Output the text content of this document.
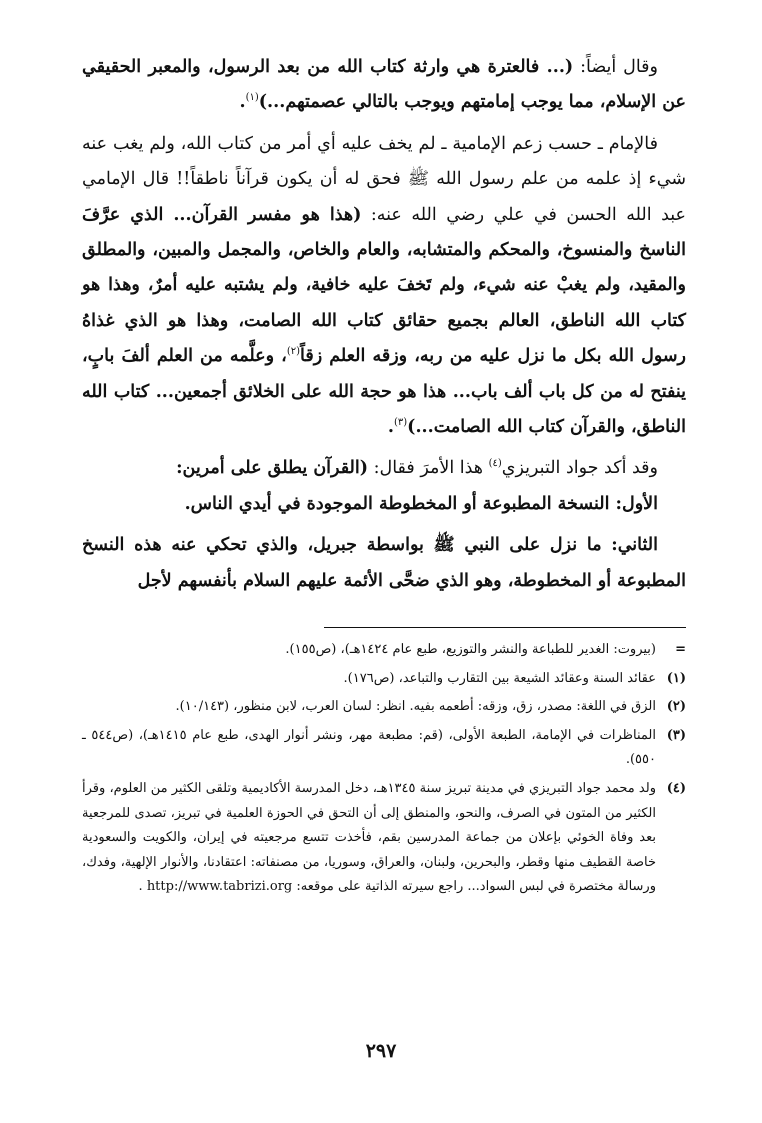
وقال أيضاً: (... فالعترة هي وارثة كتاب الله من بعد الرسول، والمعبر الحقيقي عن الإسلام، مما يوجب إمامتهم ويوجب بالتالي عصمتهم...)$^{(١)}$.

فالإمام ـ حسب زعم الإمامية ـ لم يخف عليه أي أمر من كتاب الله، ولم يغب عنه شيء إذ علمه من علم رسول الله ﷺ فحق له أن يكون قرآناً ناطقاً!! قال الإمامي عبد الله الحسن في علي رضي الله عنه: (هذا هو مفسر القرآن... الذي عرَّفَ الناسخ والمنسوخ، والمحكم والمتشابه، والعام والخاص، والمجمل والمبين، والمطلق والمقيد، ولم يغبْ عنه شيء، ولم تَخفَ عليه خافية، ولم يشتبه عليه أمرٌ، وهذا هو كتاب الله الناطق، العالم بجميع حقائق كتاب الله الصامت، وهذا هو الذي غذاهُ رسول الله بكل ما نزل عليه من ربه، وزقه العلم زقاً$^{(٢)}$، وعلَّمه من العلم ألفَ بابٍ، ينفتح له من كل باب ألف باب... هذا هو حجة الله على الخلائق أجمعين... كتاب الله الناطق، والقرآن كتاب الله الصامت...)$^{(٣)}$.

وقد أكد جواد التبريزي$^{(٤)}$ هذا الأمرَ فقال: (القرآن يطلق على أمرين:

الأول: النسخة المطبوعة أو المخطوطة الموجودة في أيدي الناس.

الثاني: ما نزل على النبي ﷺ بواسطة جبريل، والذي تحكي عنه هذه النسخ المطبوعة أو المخطوطة، وهو الذي ضحَّى الأئمة عليهم السلام بأنفسهم لأجل

=
(بيروت: الغدير للطباعة والنشر والتوزيع، طبع عام ١٤٢٤هـ)، (ص١٥٥).
(١)
عقائد السنة وعقائد الشيعة بين التقارب والتباعد، (ص١٧٦).
(٢)
الزق في اللغة: مصدر، زق، وزقه: أطعمه بفيه. انظر: لسان العرب، لابن منظور، (١٠/١٤٣).
(٣)
المناظرات في الإمامة، الطبعة الأولى، (قم: مطبعة مهر، ونشر أنوار الهدى، طبع عام ١٤١٥هـ)، (ص٥٤٤ ـ ٥٥٠).
(٤)
ولد محمد جواد التبريزي في مدينة تبريز سنة ١٣٤٥هـ، دخل المدرسة الأكاديمية وتلقى الكثير من العلوم، وقرأ الكثير من المتون في الصرف، والنحو، والمنطق إلى أن التحق في الحوزة العلمية في تبريز، تصدى للمرجعية بعد وفاة الخوئي بإعلان من جماعة المدرسين بقم، فأخذت تتسع مرجعيته في إيران، والكويت والسعودية خاصة القطيف منها وقطر، والبحرين، ولبنان، والعراق، وسوريا، من مصنفاته: اعتقادنا، والأنوار الإلهية، وفدك، ورسالة مختصرة في لبس السواد... راجع سيرته الذاتية على موقعه: http://www.tabrizi.org .
٢٩٧
